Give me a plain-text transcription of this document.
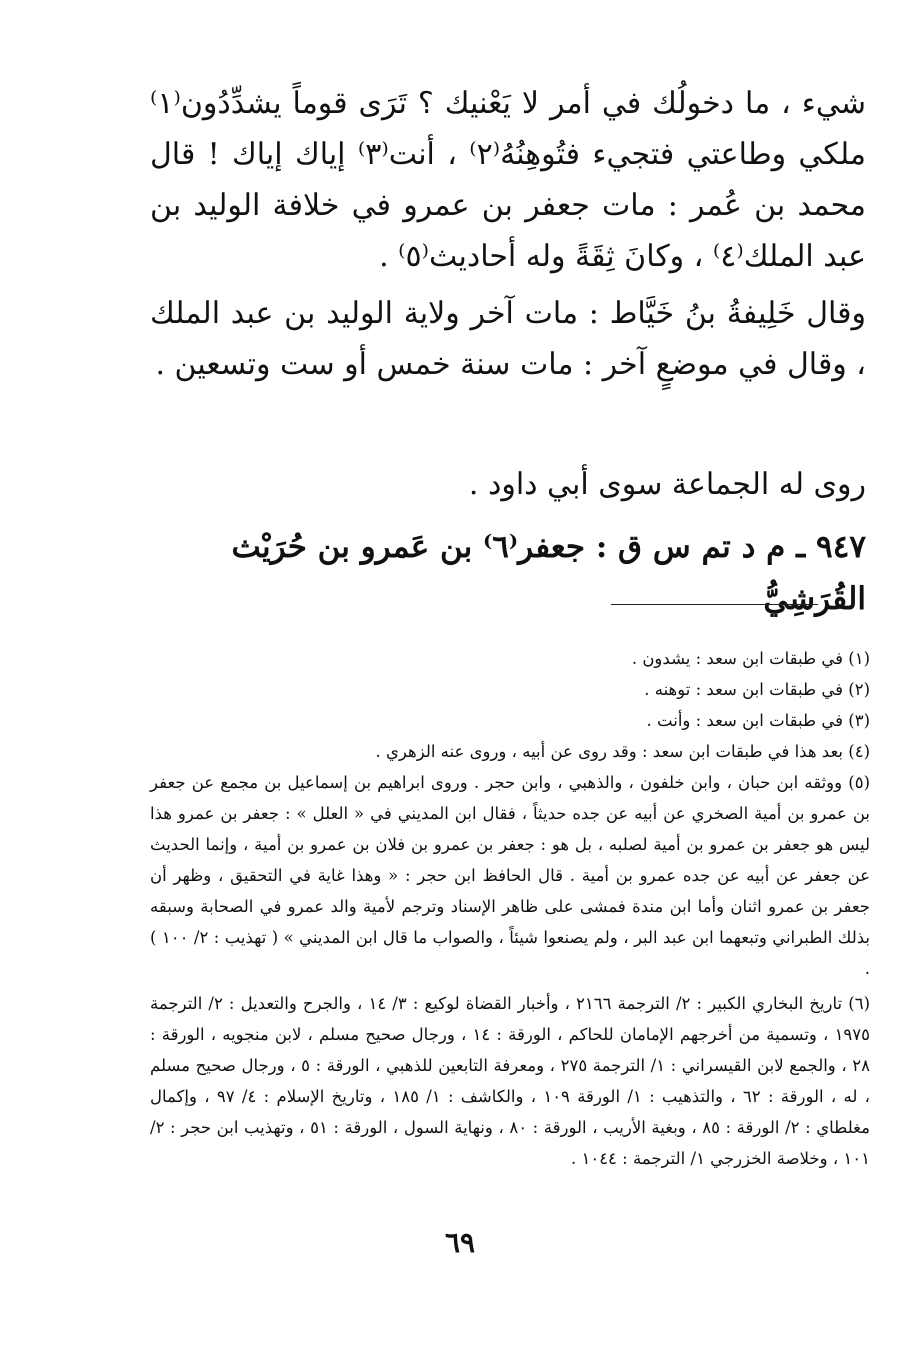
شيء ، ما دخولُك في أمر لا يَعْنيك ؟ تَرَى قوماً يشدِّدُون⁽١⁾ ملكي وطاعتي فتجيء فتُوهِنُهُ⁽٢⁾ ، أنت⁽٣⁾ إياك إياك ! قال محمد بن عُمر : مات جعفر بن عمرو في خلافة الوليد بن عبد الملك⁽٤⁾ ، وكانَ ثِقَةً وله أحاديث⁽٥⁾ .

وقال خَلِيفةُ بنُ خَيَّاط : مات آخر ولاية الوليد بن عبد الملك ، وقال في موضعٍ آخر : مات سنة خمس أو ست وتسعين .

روى له الجماعة سوى أبي داود .

٩٤٧ ـ م د تم س ق : جعفر⁽٦⁾ بن عَمرو بن حُرَيْث القُرَشِيُّ

(١) في طبقات ابن سعد : يشدون .

(٢) في طبقات ابن سعد : توهنه .

(٣) في طبقات ابن سعد : وأنت .

(٤) بعد هذا في طبقات ابن سعد : وقد روى عن أبيه ، وروى عنه الزهري .

(٥) ووثقه ابن حبان ، وابن خلفون ، والذهبي ، وابن حجر . وروى ابراهيم بن إسماعيل بن مجمع عن جعفر بن عمرو بن أمية الصخري عن أبيه عن جده حديثاً ، فقال ابن المديني في « العلل » : جعفر بن عمرو هذا ليس هو جعفر بن عمرو بن أمية لصلبه ، بل هو : جعفر بن عمرو بن فلان بن عمرو بن أمية ، وإنما الحديث عن جعفر عن أبيه عن جده عمرو بن أمية . قال الحافظ ابن حجر : « وهذا غاية في التحقيق ، وظهر أن جعفر بن عمرو اثنان وأما ابن مندة فمشى على ظاهر الإسناد وترجم لأمية والد عمرو في الصحابة وسبقه بذلك الطبراني وتبعهما ابن عبد البر ، ولم يصنعوا شيئاً ، والصواب ما قال ابن المديني » ( تهذيب : ٢/ ١٠٠ ) .

(٦) تاريخ البخاري الكبير : ٢/ الترجمة ٢١٦٦ ، وأخبار القضاة لوكيع : ٣/ ١٤ ، والجرح والتعديل : ٢/ الترجمة ١٩٧٥ ، وتسمية من أخرجهم الإمامان للحاكم ، الورقة : ١٤ ، ورجال صحيح مسلم ، لابن منجويه ، الورقة : ٢٨ ، والجمع لابن القيسراني : ١/ الترجمة ٢٧٥ ، ومعرفة التابعين للذهبي ، الورقة : ٥ ، ورجال صحيح مسلم ، له ، الورقة : ٦٢ ، والتذهيب : ١/ الورقة ١٠٩ ، والكاشف : ١/ ١٨٥ ، وتاريخ الإسلام : ٤/ ٩٧ ، وإكمال مغلطاي : ٢/ الورقة : ٨٥ ، وبغية الأريب ، الورقة : ٨٠ ، ونهاية السول ، الورقة : ٥١ ، وتهذيب ابن حجر : ٢/ ١٠١ ، وخلاصة الخزرجي ١/ الترجمة : ١٠٤٤ .

٦٩
